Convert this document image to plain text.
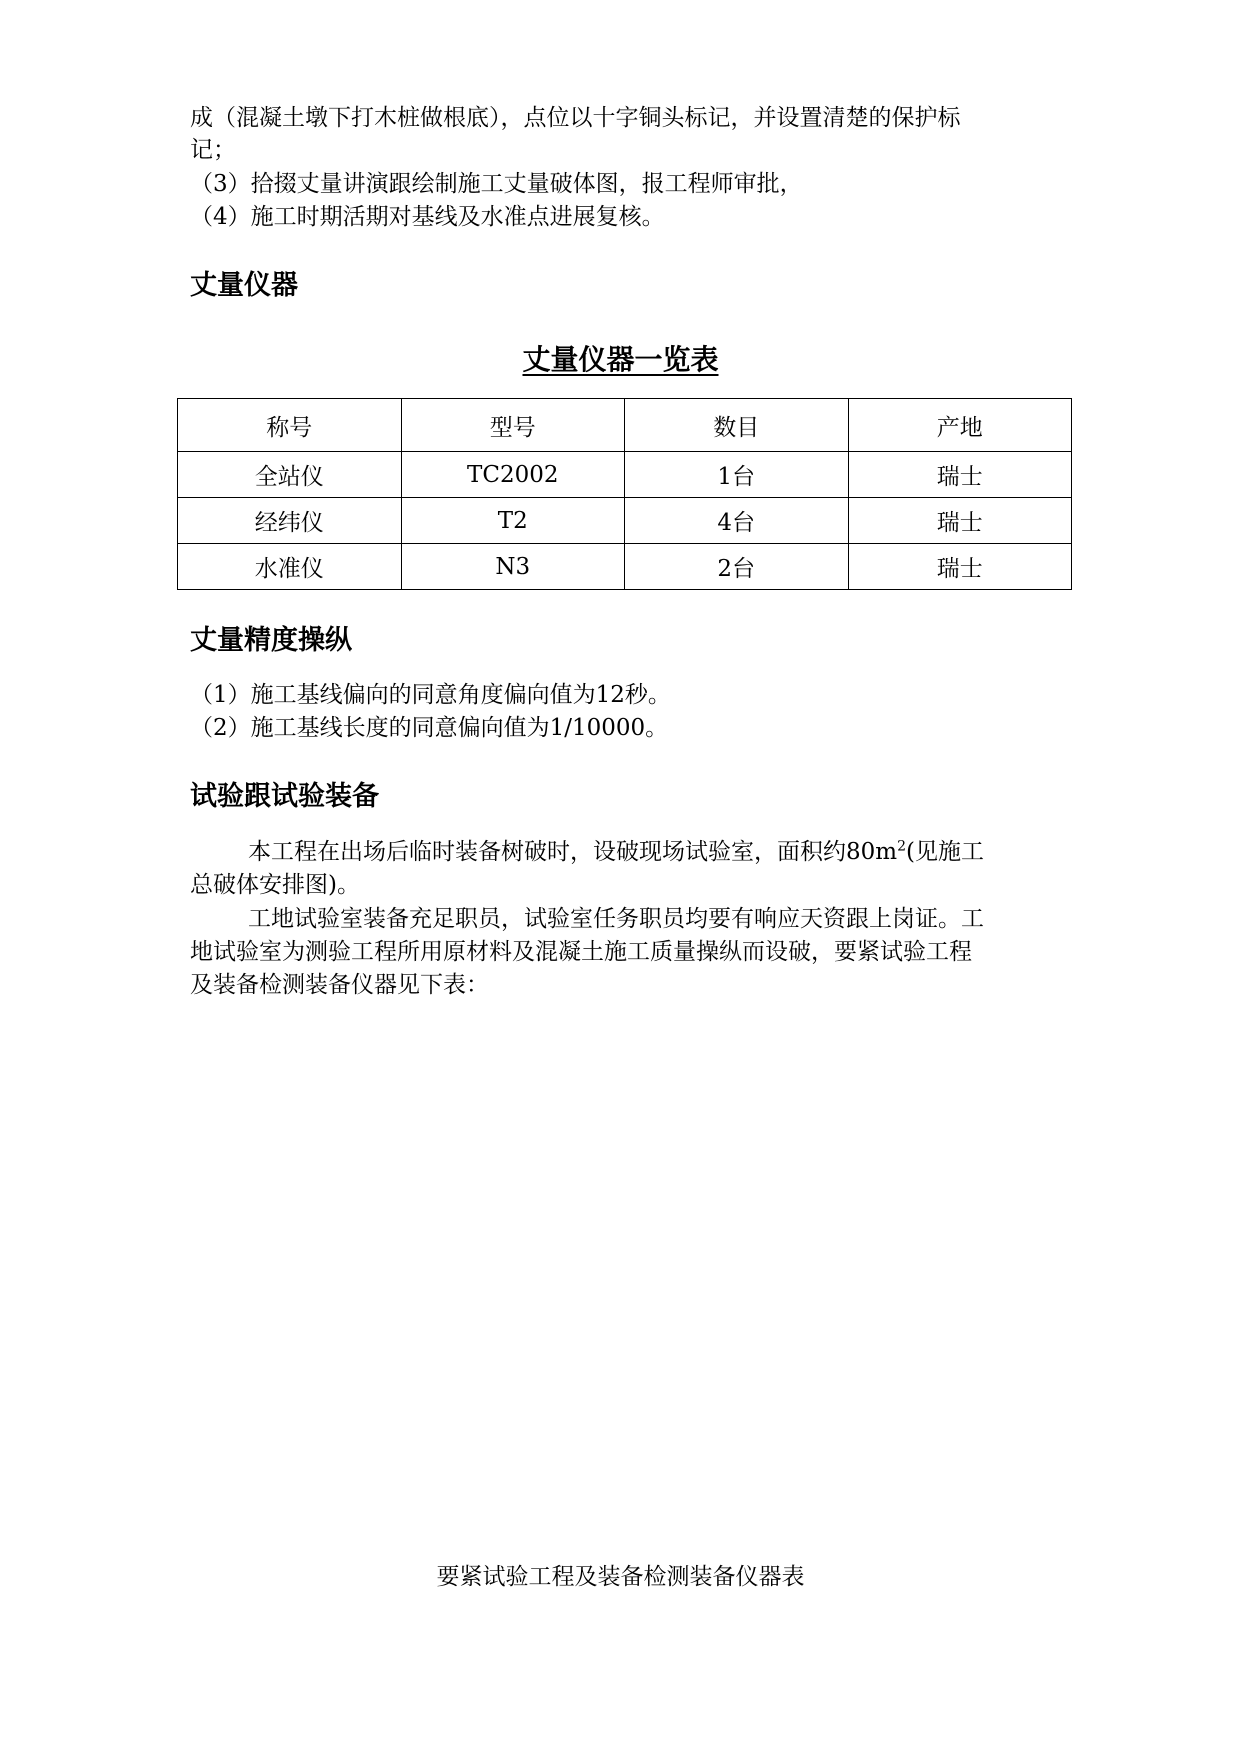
成（混凝土墩下打木桩做根底），点位以十字铜头标记，并设置清楚的保护标
记；
（3）拾掇丈量讲演跟绘制施工丈量破体图，报工程师审批，
（4）施工时期活期对基线及水准点进展复核。
丈量仪器
丈量仪器一览表
称号	型号	数目	产地
全站仪	TC2002	1台	瑞士
经纬仪	T2	4台	瑞士
水准仪	N3	2台	瑞士
丈量精度操纵
（1）施工基线偏向的同意角度偏向值为12秒。
（2）施工基线长度的同意偏向值为1/10000。
试验跟试验装备
本工程在出场后临时装备树破时，设破现场试验室，面积约$80m^2$(见施工
总破体安排图)。
工地试验室装备充足职员，试验室任务职员均要有响应天资跟上岗证。工
地试验室为测验工程所用原材料及混凝土施工质量操纵而设破，要紧试验工程
及装备检测装备仪器见下表：
要紧试验工程及装备检测装备仪器表
